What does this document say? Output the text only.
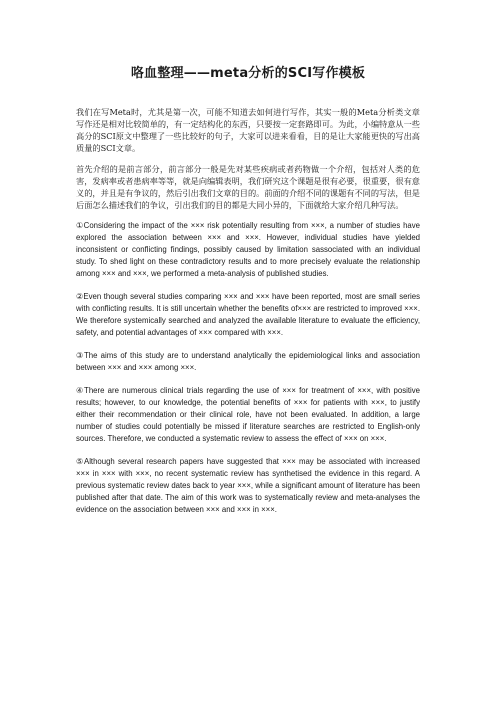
咯血整理——meta分析的SCI写作模板

我们在写Meta时，尤其是第一次，可能不知道去如何进行写作，其实一般的Meta分析类文章写作还是相对比较简单的，有一定结构化的东西，只要按一定套路即可。为此，小编特意从一些高分的SCI原文中整理了一些比较好的句子，大家可以进来看看，目的是让大家能更快的写出高质量的SCI文章。

首先介绍的是前言部分，前言部分一般是先对某些疾病或者药物做一个介绍，包括对人类的危害，发病率或者患病率等等，就是向编辑表明，我们研究这个课题是很有必要，很重要，很有意义的，并且是有争议的，然后引出我们文章的目的。前面的介绍不同的课题有不同的写法，但是后面怎么描述我们的争议，引出我们的目的都是大同小异的，下面就给大家介绍几种写法。

①Considering the impact of the ××× risk potentially resulting from ×××, a number of studies have explored the association between ××× and ×××. However, individual studies have yielded inconsistent or conflicting findings, possibly caused by limitation sassociated with an individual study. To shed light on these contradictory results and to more precisely evaluate the relationship among ××× and ×××, we performed a meta-analysis of published studies.

②Even though several studies comparing ××× and ××× have been reported, most are small series with conflicting results. It is still uncertain whether the benefits of××× are restricted to improved ×××. We therefore systemically searched and analyzed the available literature to evaluate the efficiency, safety, and potential advantages of ××× compared with ×××.

③The aims of this study are to understand analytically the epidemiological links and association between ××× and ××× among ×××.

④There are numerous clinical trials regarding the use of ××× for treatment of ×××, with positive results; however, to our knowledge, the potential benefits of ××× for patients with ×××, to justify either their recommendation or their clinical role, have not been evaluated. In addition, a large number of studies could potentially be missed if literature searches are restricted to English-only sources. Therefore, we conducted a systematic review to assess the effect of ××× on ×××.

⑤Although several research papers have suggested that ××× may be associated with increased ××× in ××× with ×××, no recent systematic review has synthetised the evidence in this regard. A previous systematic review dates back to year ×××, while a significant amount of literature has been published after that date. The aim of this work was to systematically review and meta-analyses the evidence on the association between ××× and ××× in ×××.
